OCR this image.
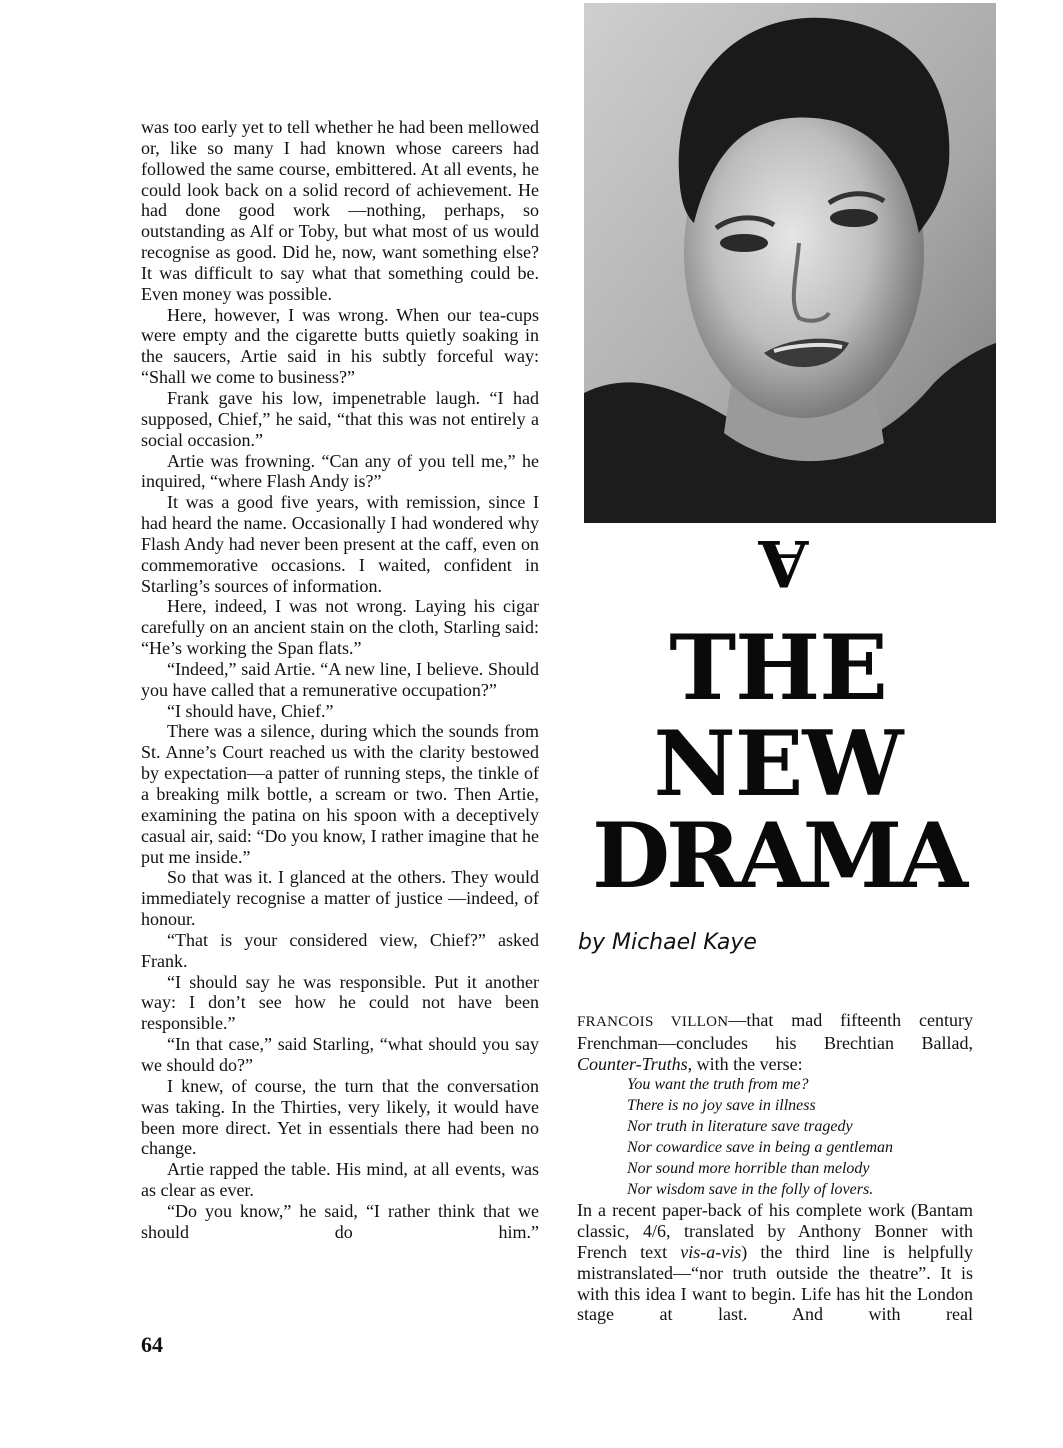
was too early yet to tell whether he had been mellowed or, like so many I had known whose careers had followed the same course, embittered. At all events, he could look back on a solid record of achievement. He had done good work —nothing, perhaps, so outstanding as Alf or Toby, but what most of us would recognise as good. Did he, now, want something else? It was difficult to say what that something could be. Even money was possible.

Here, however, I was wrong. When our tea-cups were empty and the cigarette butts quietly soaking in the saucers, Artie said in his subtly forceful way: “Shall we come to business?”

Frank gave his low, impenetrable laugh. “I had supposed, Chief,” he said, “that this was not entirely a social occasion.”

Artie was frowning. “Can any of you tell me,” he inquired, “where Flash Andy is?”

It was a good five years, with remission, since I had heard the name. Occasionally I had wondered why Flash Andy had never been present at the caff, even on commemorative occasions. I waited, confident in Starling’s sources of information.

Here, indeed, I was not wrong. Laying his cigar carefully on an ancient stain on the cloth, Starling said: “He’s working the Span flats.”

“Indeed,” said Artie. “A new line, I believe. Should you have called that a remunerative occupation?”

“I should have, Chief.”

There was a silence, during which the sounds from St. Anne’s Court reached us with the clarity bestowed by expectation—a patter of running steps, the tinkle of a breaking milk bottle, a scream or two. Then Artie, examining the patina on his spoon with a deceptively casual air, said: “Do you know, I rather imagine that he put me inside.”

So that was it. I glanced at the others. They would immediately recognise a matter of justice —indeed, of honour.

“That is your considered view, Chief?” asked Frank.

“I should say he was responsible. Put it another way: I don’t see how he could not have been responsible.”

“In that case,” said Starling, “what should you say we should do?”

I knew, of course, the turn that the conversation was taking. In the Thirties, very likely, it would have been more direct. Yet in essentials there had been no change.

Artie rapped the table. His mind, at all events, was as clear as ever.

“Do you know,” he said, “I rather think that we should do him.”

64
A
THE
NEW
DRAMA
by Michael Kaye

FRANCOIS VILLON—that mad fifteenth century Frenchman—concludes his Brechtian Ballad, Counter-Truths, with the verse:

You want the truth from me?
There is no joy save in illness
Nor truth in literature save tragedy
Nor cowardice save in being a gentleman
Nor sound more horrible than melody
Nor wisdom save in the folly of lovers.

In a recent paper-back of his complete work (Bantam classic, 4/6, translated by Anthony Bonner with French text vis-a-vis) the third line is helpfully mistranslated—“nor truth outside the theatre”. It is with this idea I want to begin. Life has hit the London stage at last. And with real
